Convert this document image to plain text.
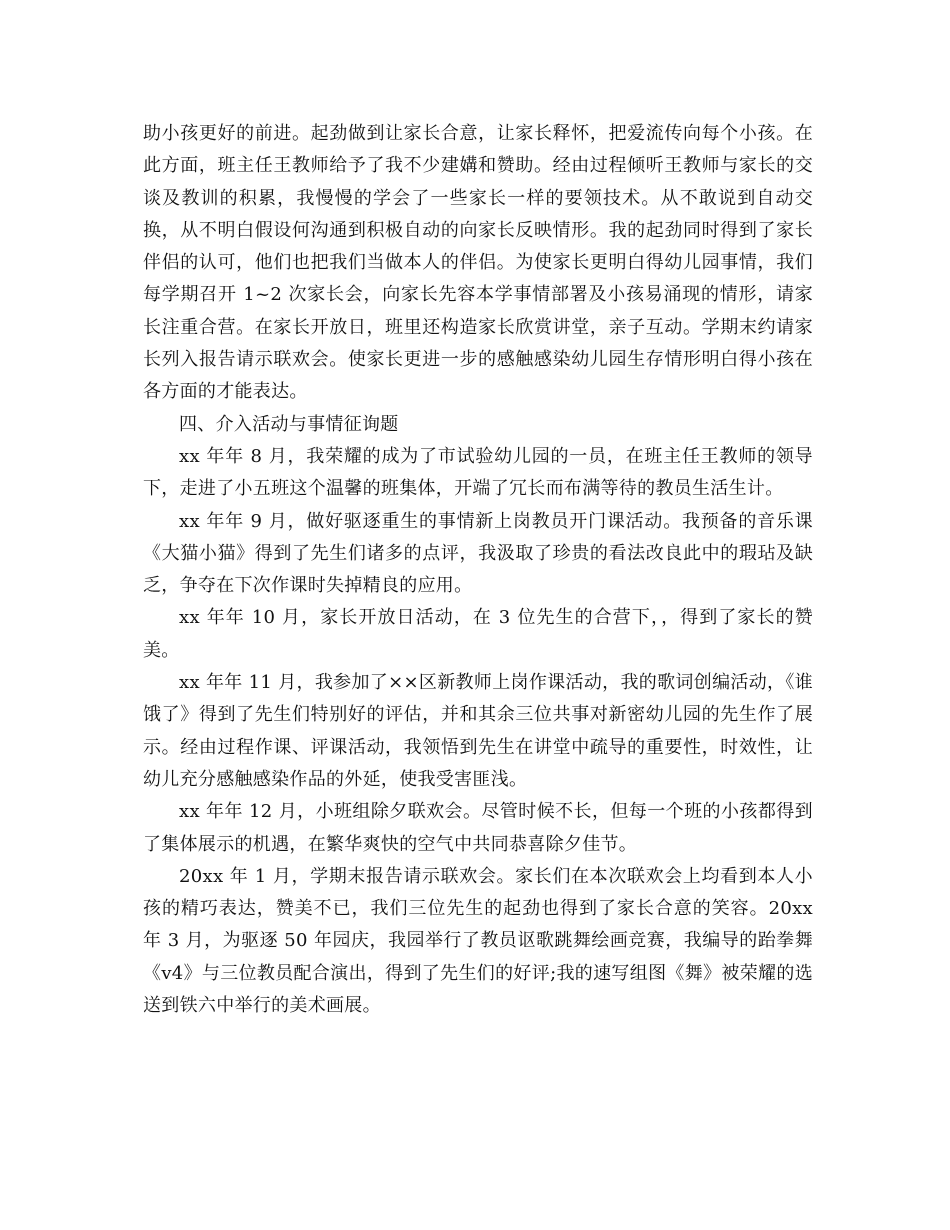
助小孩更好的前进。起劲做到让家长合意，让家长释怀，把爱流传向每个小孩。在此方面，班主任王教师给予了我不少建媾和赞助。经由过程倾听王教师与家长的交谈及教训的积累，我慢慢的学会了一些家长一样的要领技术。从不敢说到自动交换，从不明白假设何沟通到积极自动的向家长反映情形。我的起劲同时得到了家长伴侣的认可，他们也把我们当做本人的伴侣。为使家长更明白得幼儿园事情，我们每学期召开 1~2 次家长会，向家长先容本学事情部署及小孩易涌现的情形，请家长注重合营。在家长开放日，班里还构造家长欣赏讲堂，亲子互动。学期末约请家长列入报告请示联欢会。使家长更进一步的感触感染幼儿园生存情形明白得小孩在各方面的才能表达。

四、介入活动与事情征询题

xx 年年 8 月，我荣耀的成为了市试验幼儿园的一员，在班主任王教师的领导下，走进了小五班这个温馨的班集体，开端了冗长而布满等待的教员生活生计。

xx 年年 9 月，做好驱逐重生的事情新上岗教员开门课活动。我预备的音乐课《大猫小猫》得到了先生们诸多的点评，我汲取了珍贵的看法改良此中的瑕玷及缺乏，争夺在下次作课时失掉精良的应用。

xx 年年 10 月，家长开放日活动，在 3 位先生的合营下，，得到了家长的赞美。

xx 年年 11 月，我参加了××区新教师上岗作课活动，我的歌词创编活动，《谁饿了》得到了先生们特别好的评估，并和其余三位共事对新密幼儿园的先生作了展示。经由过程作课、评课活动，我领悟到先生在讲堂中疏导的重要性，时效性，让幼儿充分感触感染作品的外延，使我受害匪浅。

xx 年年 12 月，小班组除夕联欢会。尽管时候不长，但每一个班的小孩都得到了集体展示的机遇，在繁华爽快的空气中共同恭喜除夕佳节。

20xx 年 1 月，学期末报告请示联欢会。家长们在本次联欢会上均看到本人小孩的精巧表达，赞美不已，我们三位先生的起劲也得到了家长合意的笑容。20xx 年 3 月，为驱逐 50 年园庆，我园举行了教员讴歌跳舞绘画竞赛，我编导的跆拳舞《v4》与三位教员配合演出，得到了先生们的好评;我的速写组图《舞》被荣耀的选送到铁六中举行的美术画展。
